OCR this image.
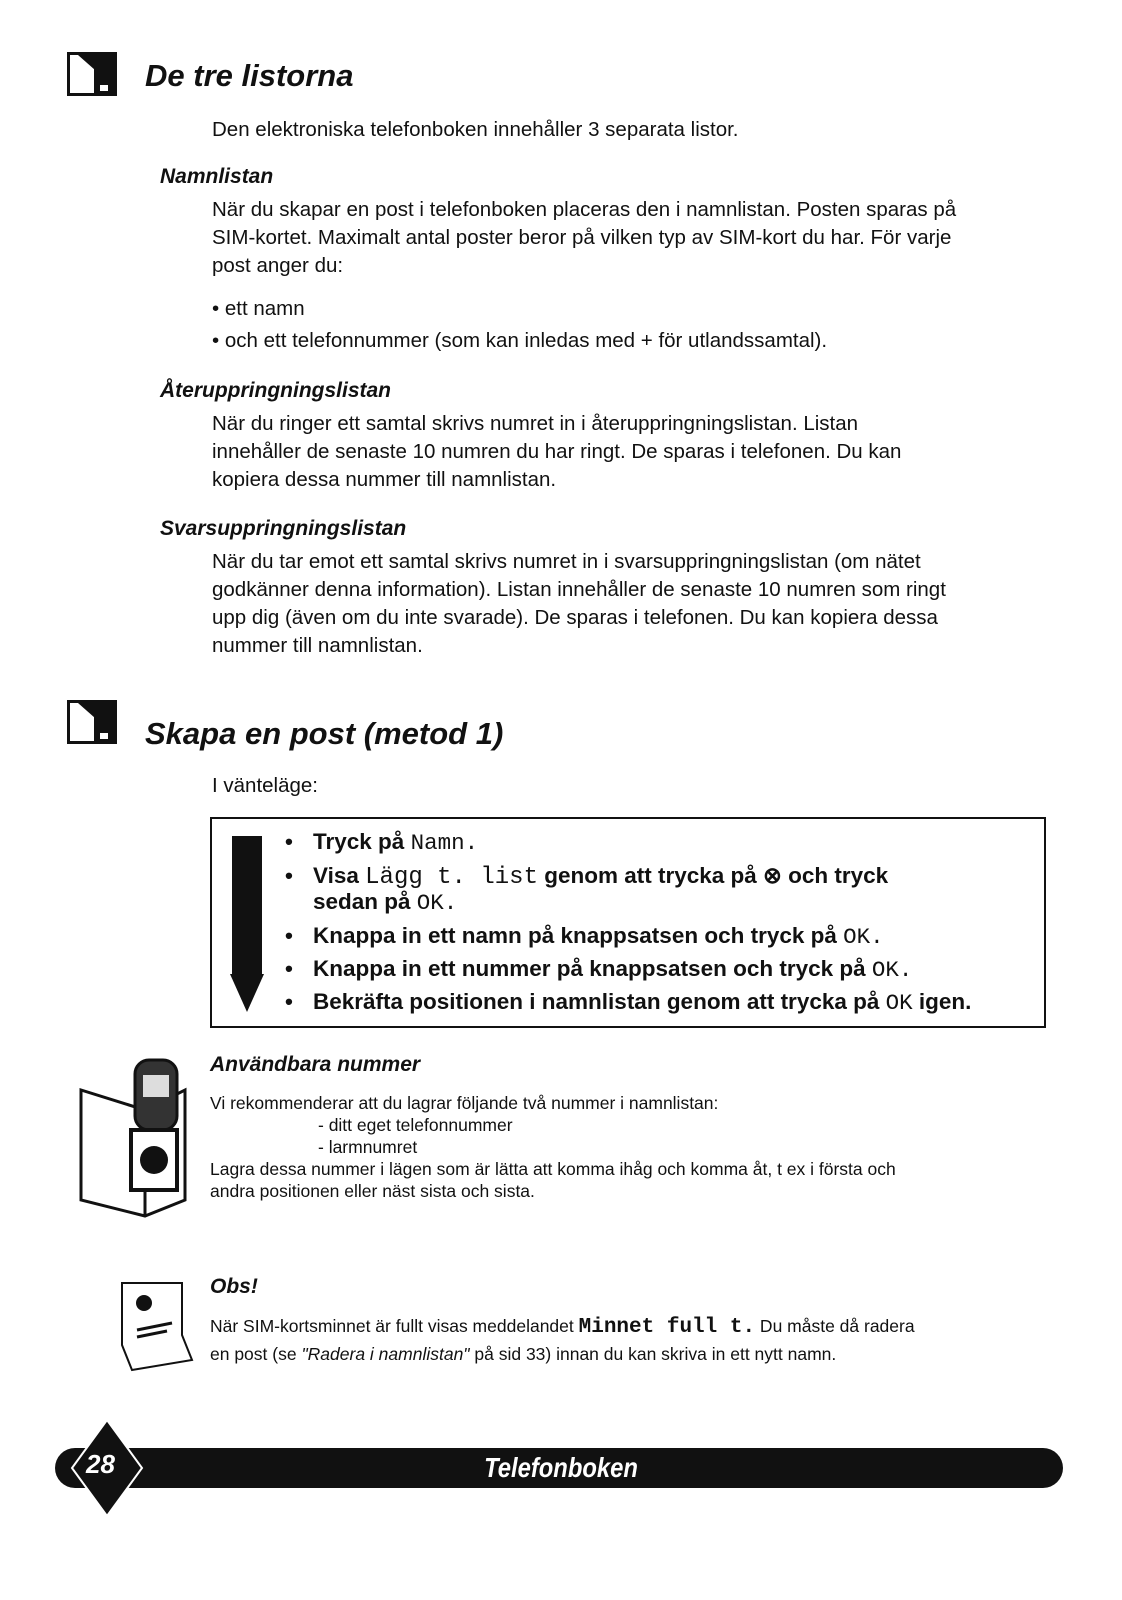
De tre listorna
Den elektroniska telefonboken innehåller 3 separata listor.
Namnlistan
När du skapar en post i telefonboken placeras den i namnlistan. Posten sparas på
SIM-kortet. Maximalt antal poster beror på vilken typ av SIM-kort du har. För varje
post anger du:
• ett namn
• och ett telefonnummer (som kan inledas med + för utlandssamtal).
Återuppringningslistan
När du ringer ett samtal skrivs numret in i återuppringningslistan. Listan
innehåller de senaste 10 numren du har ringt. De sparas i telefonen. Du kan
kopiera dessa nummer till namnlistan.
Svarsuppringningslistan
När du tar emot ett samtal skrivs numret in i svarsuppringningslistan (om nätet
godkänner denna information). Listan innehåller de senaste 10 numren som ringt
upp dig (även om du inte svarade). De sparas i telefonen. Du kan kopiera dessa
nummer till namnlistan.
Skapa en post (metod 1)
I vänteläge:
• Tryck på Namn.
• Visa Lägg t. list genom att trycka på ⊗ och tryck
sedan på OK.
• Knappa in ett namn på knappsatsen och tryck på OK.
• Knappa in ett nummer på knappsatsen och tryck på OK.
• Bekräfta positionen i namnlistan genom att trycka på OK igen.
Användbara nummer
Vi rekommenderar att du lagrar följande två nummer i namnlistan:
- ditt eget telefonnummer
- larmnumret
Lagra dessa nummer i lägen som är lätta att komma ihåg och komma åt, t ex i första och
andra positionen eller näst sista och sista.
Obs!
När SIM-kortsminnet är fullt visas meddelandet Minnet full t. Du måste då radera
en post (se "Radera i namnlistan" på sid 33) innan du kan skriva in ett nytt namn.
28	Telefonboken
